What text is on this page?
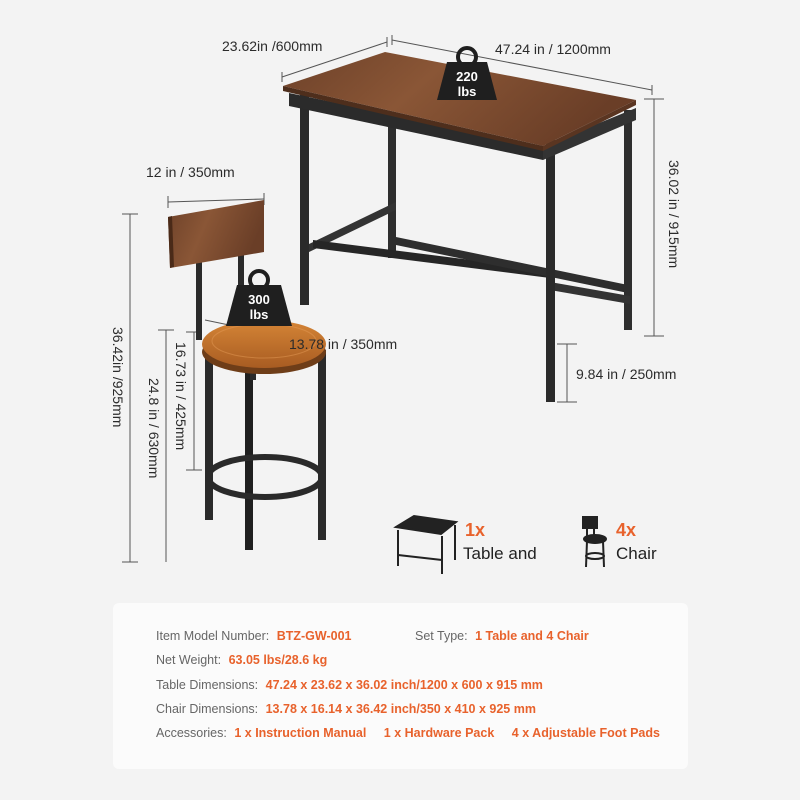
23.62in /600mm	47.24 in / 1200mm
36.02 in / 915mm
9.84 in / 250mm
220
lbs
12 in / 350mm
13.78 in / 350mm
36.42in /925mm
24.8 in / 630mm 16.73 in / 425mm
300
lbs
1x
Table and
4x
Chair
Item Model Number: BTZ-GW-001	Set Type: 1 Table and 4 Chair
Net Weight: 63.05 lbs/28.6 kg
Table Dimensions: 47.24 x 23.62 x 36.02 inch/1200 x 600 x 915 mm
Chair Dimensions: 13.78 x 16.14 x 36.42 inch/350 x 410 x 925 mm
Accessories: 1 x Instruction Manual 1 x Hardware Pack 4 x Adjustable Foot Pads
